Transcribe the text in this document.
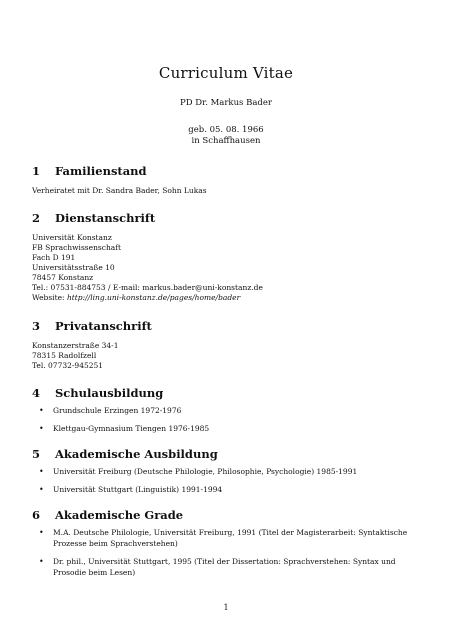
Curriculum Vitae
PD Dr. Markus Bader
geb. 05. 08. 1966
in Schaffhausen
1 Familienstand
Verheiratet mit Dr. Sandra Bader, Sohn Lukas
2 Dienstanschrift
Universität Konstanz
FB Sprachwissenschaft
Fach D 191
Universitätsstraße 10
78457 Konstanz
Tel.: 07531-884753 / E-mail: markus.bader@uni-konstanz.de
Website: http://ling.uni-konstanz.de/pages/home/bader
3 Privatanschrift
Konstanzerstraße 34-1
78315 Radolfzell
Tel. 07732-945251
4 Schulausbildung
• Grundschule Erzingen 1972-1976
• Klettgau-Gymnasium Tiengen 1976-1985
5 Akademische Ausbildung
• Universität Freiburg (Deutsche Philologie, Philosophie, Psychologie) 1985-1991
• Universität Stuttgart (Linguistik) 1991-1994
6 Akademische Grade
• M.A. Deutsche Philologie, Universität Freiburg, 1991 (Titel der Magisterarbeit: Syntaktische Prozesse beim Sprachverstehen)
• Dr. phil., Universität Stuttgart, 1995 (Titel der Dissertation: Sprachverstehen: Syntax und Prosodie beim Lesen)
1
